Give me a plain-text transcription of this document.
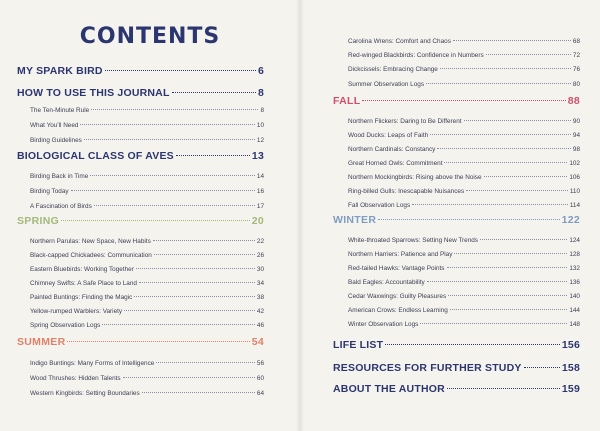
CONTENTS
MY SPARK BIRD	6
HOW TO USE THIS JOURNAL	8
The Ten-Minute Rule	8
What You'll Need	10
Birding Guidelines	12
BIOLOGICAL CLASS OF AVES	13
Birding Back in Time	14
Birding Today	16
A Fascination of Birds	17
SPRING	20
Northern Parulas: New Space, New Habits	22
Black-capped Chickadees: Communication	26
Eastern Bluebirds: Working Together	30
Chimney Swifts: A Safe Place to Land	34
Painted Buntings: Finding the Magic	38
Yellow-rumped Warblers: Variety	42
Spring Observation Logs	46
SUMMER	54
Indigo Buntings: Many Forms of Intelligence	56
Wood Thrushes: Hidden Talents	60
Western Kingbirds: Setting Boundaries	64
Carolina Wrens: Comfort and Chaos	68
Red-winged Blackbirds: Confidence in Numbers	72
Dickcissels: Embracing Change	76
Summer Observation Logs	80
FALL	88
Northern Flickers: Daring to Be Different	90
Wood Ducks: Leaps of Faith	94
Northern Cardinals: Constancy	98
Great Horned Owls: Commitment	102
Northern Mockingbirds: Rising above the Noise	106
Ring-billed Gulls: Inescapable Nuisances	110
Fall Observation Logs	114
WINTER	122
White-throated Sparrows: Setting New Trends	124
Northern Harriers: Patience and Play	128
Red-tailed Hawks: Vantage Points	132
Bald Eagles: Accountability	136
Cedar Waxwings: Guilty Pleasures	140
American Crows: Endless Learning	144
Winter Observation Logs	148
LIFE LIST	156
RESOURCES FOR FURTHER STUDY	158
ABOUT THE AUTHOR	159
